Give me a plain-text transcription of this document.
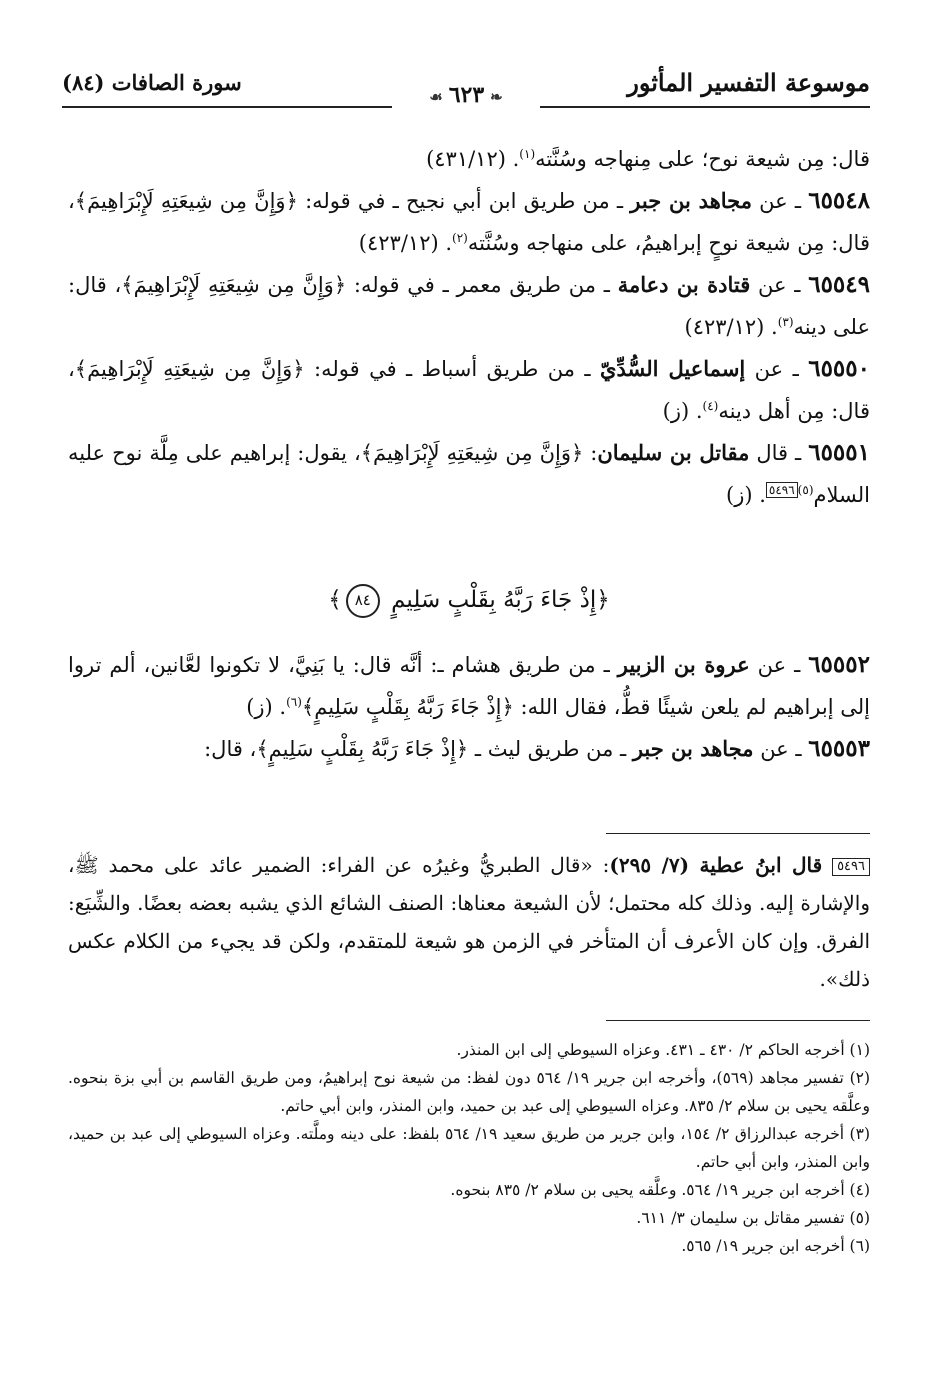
موسوعة التفسير المأثور
❧٦٢٣☙
سورة الصافات (٨٤)

قال: مِن شيعة نوح؛ على مِنهاجه وسُنَّته$^{(١)}$. (٤٣١/١٢)

٦٥٥٤٨ ـ عن مجاهد بن جبر ـ من طريق ابن أبي نجيح ـ في قوله: ﴿وَإِنَّ مِن شِيعَتِهِ لَإِبْرَاهِيمَ﴾، قال: مِن شيعة نوحٍ إبراهيمُ، على منهاجه وسُنَّته$^{(٢)}$. (٤٢٣/١٢)

٦٥٥٤٩ ـ عن قتادة بن دعامة ـ من طريق معمر ـ في قوله: ﴿وَإِنَّ مِن شِيعَتِهِ لَإِبْرَاهِيمَ﴾، قال: على دينه$^{(٣)}$. (٤٢٣/١٢)

٦٥٥٥٠ ـ عن إسماعيل السُّدِّيّ ـ من طريق أسباط ـ في قوله: ﴿وَإِنَّ مِن شِيعَتِهِ لَإِبْرَاهِيمَ﴾، قال: مِن أهل دينه$^{(٤)}$. (ز)

٦٥٥٥١ ـ قال مقاتل بن سليمان: ﴿وَإِنَّ مِن شِيعَتِهِ لَإِبْرَاهِيمَ﴾، يقول: إبراهيم على مِلَّة نوح عليه السلام$^{(٥)}$٥٤٩٦. (ز)

﴿إِذْ جَاءَ رَبَّهُ بِقَلْبٍ سَلِيمٍ ٨٤﴾

٦٥٥٥٢ ـ عن عروة بن الزبير ـ من طريق هشام ـ: أنَّه قال: يا بَنِيَّ، لا تكونوا لعَّانين، ألم تروا إلى إبراهيم لم يلعن شيئًا قطُّ، فقال الله: ﴿إِذْ جَاءَ رَبَّهُ بِقَلْبٍ سَلِيمٍ﴾$^{(٦)}$. (ز)

٦٥٥٥٣ ـ عن مجاهد بن جبر ـ من طريق ليث ـ ﴿إِذْ جَاءَ رَبَّهُ بِقَلْبٍ سَلِيمٍ﴾، قال:

٥٤٩٦ قال ابنُ عطية (٧/ ٢٩٥): «قال الطبريُّ وغيرُه عن الفراء: الضمير عائد على محمد ﷺ، والإشارة إليه. وذلك كله محتمل؛ لأن الشيعة معناها: الصنف الشائع الذي يشبه بعضه بعضًا. والشِّيَع: الفرق. وإن كان الأعرف أن المتأخر في الزمن هو شيعة للمتقدم، ولكن قد يجيء من الكلام عكس ذلك».

(١) أخرجه الحاكم ٢/ ٤٣٠ ـ ٤٣١. وعزاه السيوطي إلى ابن المنذر.

(٢) تفسير مجاهد (٥٦٩)، وأخرجه ابن جرير ١٩/ ٥٦٤ دون لفظ: من شيعة نوح إبراهيمُ، ومن طريق القاسم بن أبي بزة بنحوه. وعلَّقه يحيى بن سلام ٢/ ٨٣٥. وعزاه السيوطي إلى عبد بن حميد، وابن المنذر، وابن أبي حاتم.

(٣) أخرجه عبدالرزاق ٢/ ١٥٤، وابن جرير من طريق سعيد ١٩/ ٥٦٤ بلفظ: على دينه وملَّته. وعزاه السيوطي إلى عبد بن حميد، وابن المنذر، وابن أبي حاتم.

(٤) أخرجه ابن جرير ١٩/ ٥٦٤. وعلَّقه يحيى بن سلام ٢/ ٨٣٥ بنحوه.

(٥) تفسير مقاتل بن سليمان ٣/ ٦١١.

(٦) أخرجه ابن جرير ١٩/ ٥٦٥.
